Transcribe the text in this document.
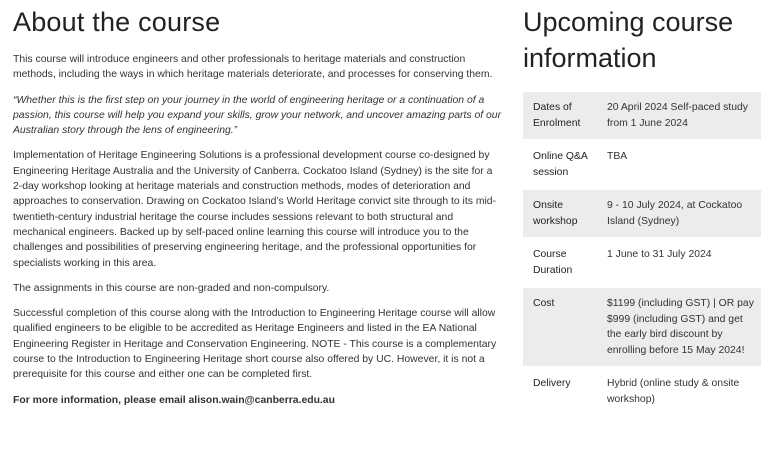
About the course

This course will introduce engineers and other professionals to heritage materials and construction methods, including the ways in which heritage materials deteriorate, and processes for conserving them.

“Whether this is the first step on your journey in the world of engineering heritage or a continuation of a passion, this course will help you expand your skills, grow your network, and uncover amazing parts of our Australian story through the lens of engineering.”

Implementation of Heritage Engineering Solutions is a professional development course co-designed by Engineering Heritage Australia and the University of Canberra. Cockatoo Island (Sydney) is the site for a 2-day workshop looking at heritage materials and construction methods, modes of deterioration and approaches to conservation. Drawing on Cockatoo Island’s World Heritage convict site through to its mid-twentieth-century industrial heritage the course includes sessions relevant to both structural and mechanical engineers. Backed up by self-paced online learning this course will introduce you to the challenges and possibilities of preserving engineering heritage, and the professional opportunities for specialists working in this area.

The assignments in this course are non-graded and non-compulsory.

Successful completion of this course along with the Introduction to Engineering Heritage course will allow qualified engineers to be eligible to be accredited as Heritage Engineers and listed in the EA National Engineering Register in Heritage and Conservation Engineering. NOTE - This course is a complementary course to the Introduction to Engineering Heritage short course also offered by UC. However, it is not a prerequisite for this course and either one can be completed first.

For more information, please email alison.wain@canberra.edu.au

Upcoming course information
Dates of Enrolment	20 April 2024 Self-paced study from 1 June 2024
Online Q&A session	TBA
Onsite workshop	9 - 10 July 2024, at Cockatoo Island (Sydney)
Course Duration	1 June to 31 July 2024
Cost	$1199 (including GST) | OR pay $999 (including GST) and get the early bird discount by enrolling before 15 May 2024!
Delivery	Hybrid (online study & onsite workshop)
